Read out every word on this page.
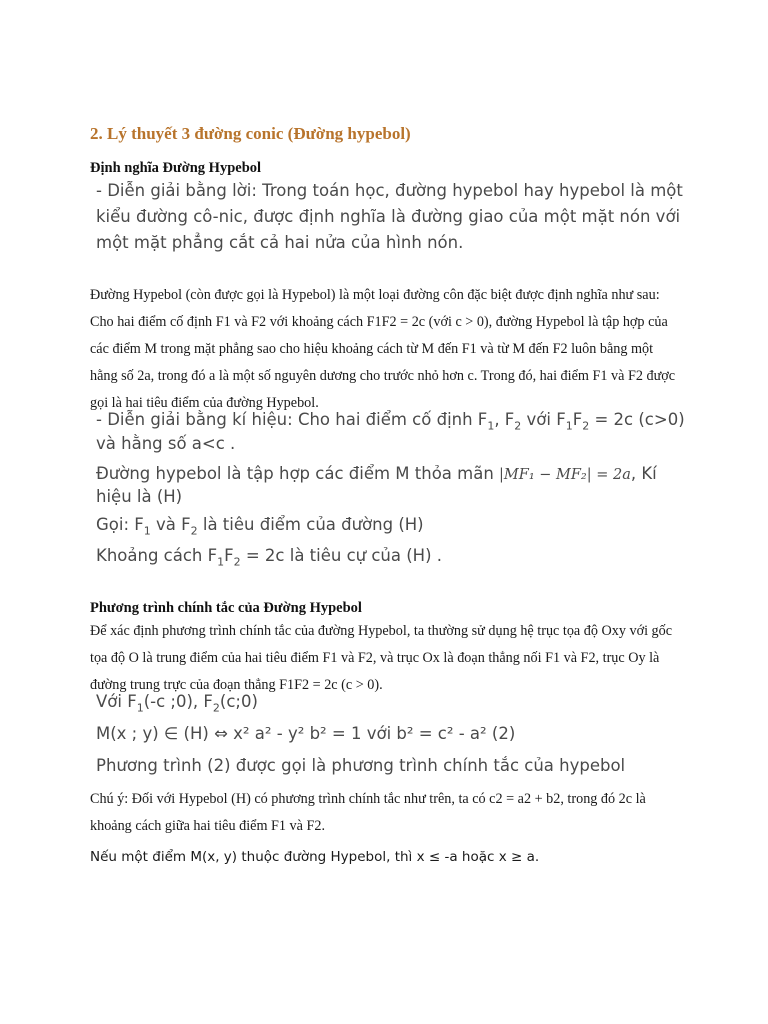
2. Lý thuyết 3 đường conic (Đường hypebol)
Định nghĩa Đường Hypebol
- Diễn giải bằng lời: Trong toán học, đường hypebol hay hypebol là một kiểu đường cô-nic, được định nghĩa là đường giao của một mặt nón với một mặt phẳng cắt cả hai nửa của hình nón.
Đường Hypebol (còn được gọi là Hypebol) là một loại đường côn đặc biệt được định nghĩa như sau: Cho hai điểm cố định F1 và F2 với khoảng cách F1F2 = 2c (với c > 0), đường Hypebol là tập hợp của các điểm M trong mặt phẳng sao cho hiệu khoảng cách từ M đến F1 và từ M đến F2 luôn bằng một hằng số 2a, trong đó a là một số nguyên dương cho trước nhỏ hơn c. Trong đó, hai điểm F1 và F2 được gọi là hai tiêu điểm của đường Hypebol.
- Diễn giải bằng kí hiệu: Cho hai điểm cố định $F_1$, $F_2$ với $F_1F_2 = 2c$ (c>0)
và hằng số a<c .
Đường hypebol là tập hợp các điểm M thỏa mãn |MF₁ − MF₂| = 2a, Kí
hiệu là (H)
Gọi: $F_1$ và $F_2$ là tiêu điểm của đường (H)
Khoảng cách $F_1F_2 = 2c$ là tiêu cự của (H) .
Phương trình chính tắc của Đường Hypebol
Để xác định phương trình chính tắc của đường Hypebol, ta thường sử dụng hệ trục tọa độ Oxy với gốc tọa độ O là trung điểm của hai tiêu điểm F1 và F2, và trục Ox là đoạn thẳng nối F1 và F2, trục Oy là đường trung trực của đoạn thẳng F1F2 = 2c (c > 0).
Với $F_1(-c$ ;0), $F_2(c;0)$
M(x ; y) ∈ (H) ⇔ x² a² - y² b² = 1 với b² = c² - a² (2)
Phương trình (2) được gọi là phương trình chính tắc của hypebol
Chú ý: Đối với Hypebol (H) có phương trình chính tắc như trên, ta có c2 = a2 + b2, trong đó 2c là khoảng cách giữa hai tiêu điểm F1 và F2.
Nếu một điểm M(x, y) thuộc đường Hypebol, thì x ≤ -a hoặc x ≥ a.
